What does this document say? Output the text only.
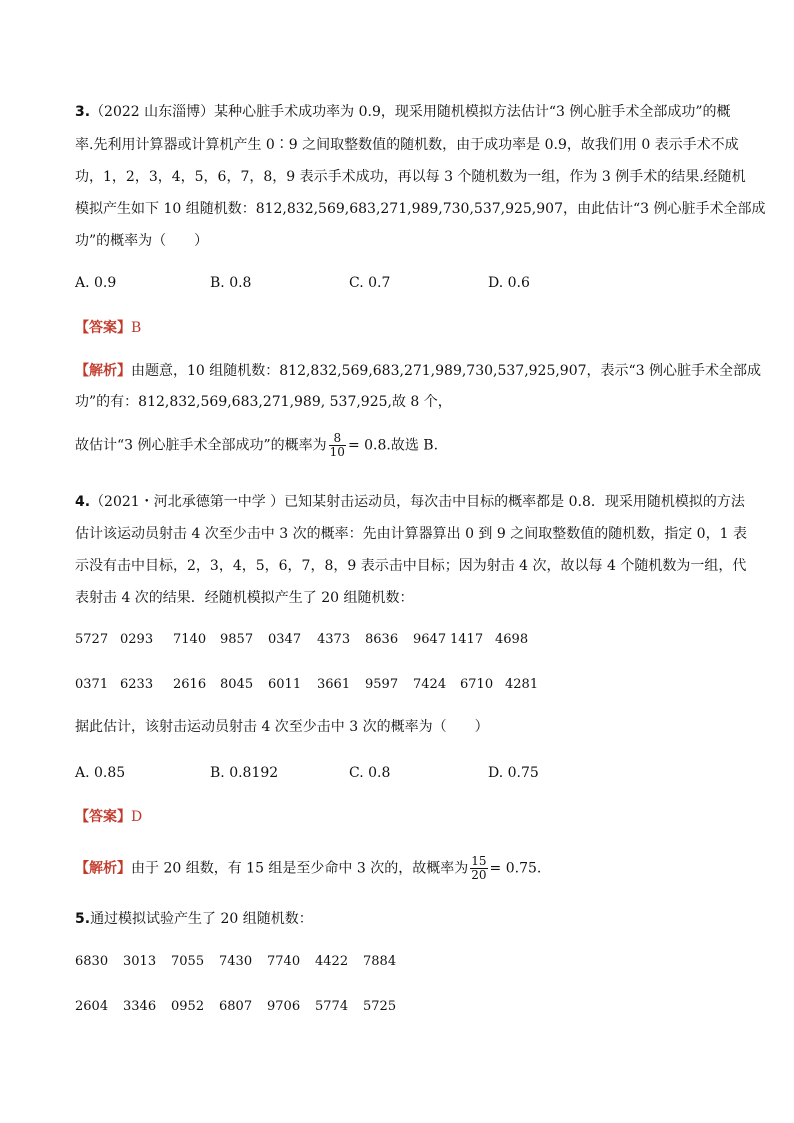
3.（2022 山东淄博）某种心脏手术成功率为 0.9，现采用随机模拟方法估计“3 例心脏手术全部成功”的概
率.先利用计算器或计算机产生 0∶9 之间取整数值的随机数，由于成功率是 0.9，故我们用 0 表示手术不成
功，1，2，3，4，5，6，7，8，9 表示手术成功，再以每 3 个随机数为一组，作为 3 例手术的结果.经随机
模拟产生如下 10 组随机数：812,832,569,683,271,989,730,537,925,907，由此估计“3 例心脏手术全部成
功”的概率为（　　）
A. 0.9	B. 0.8	C. 0.7	D. 0.6
【答案】B
【解析】由题意，10 组随机数：812,832,569,683,271,989,730,537,925,907，表示“3 例心脏手术全部成
功”的有：812,832,569,683,271,989, 537,925,故 8 个，
故估计“3 例心脏手术全部成功”的概率为 $\frac{8}{10} = 0.8$.故选 B.
4.（2021・河北承德第一中学 ）已知某射击运动员，每次击中目标的概率都是 0.8．现采用随机模拟的方法
估计该运动员射击 4 次至少击中 3 次的概率：先由计算器算出 0 到 9 之间取整数值的随机数，指定 0，1 表
示没有击中目标，2，3，4，5，6，7，8，9 表示击中目标；因为射击 4 次，故以每 4 个随机数为一组，代
表射击 4 次的结果．经随机模拟产生了 20 组随机数：
5727 0293 7140 9857 0347 4373 8636 9647 1417 4698
0371 6233 2616 8045 6011 3661 9597 7424 6710 4281
据此估计，该射击运动员射击 4 次至少击中 3 次的概率为（　　）
A. 0.85	B. 0.8192	C. 0.8	D. 0.75
【答案】D
【解析】由于 20 组数，有 15 组是至少命中 3 次的，故概率为 $\frac{15}{20} = 0.75$.
5.通过模拟试验产生了 20 组随机数：
6830 3013 7055 7430 7740 4422 7884
2604 3346 0952 6807 9706 5774 5725
